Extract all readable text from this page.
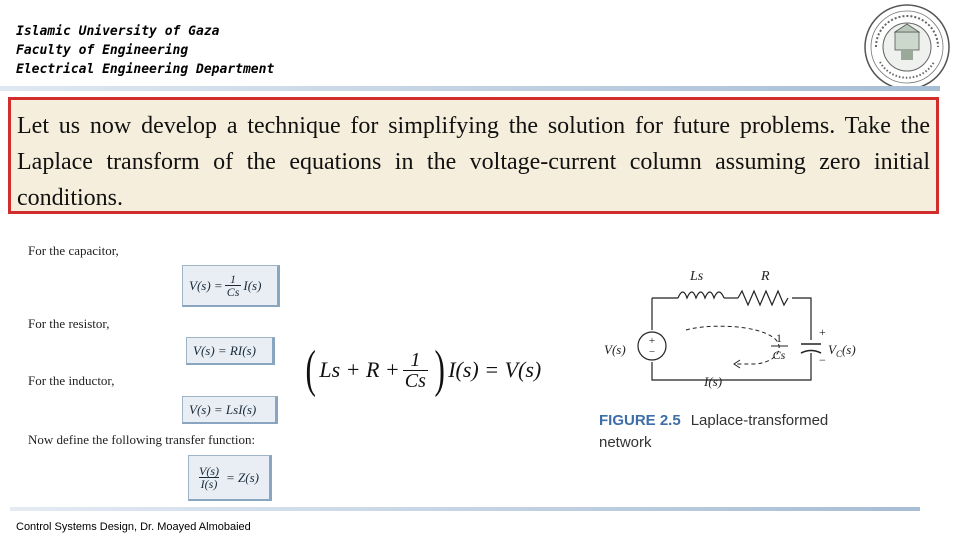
Islamic University of Gaza
Faculty of Engineering
Electrical Engineering Department

Let us now develop a technique for simplifying the solution for future problems. Take the Laplace transform of the equations in the voltage-current column assuming zero initial conditions.

For the capacitor,
$V(s) = \frac{1}{Cs} I(s)$
For the resistor,
V(s) = RI(s)
For the inductor,
V(s) = LsI(s)
Now define the following transfer function:
$\frac{V(s)}{I(s)} = Z(s)$
( $Ls + R + \frac{1}{Cs}$ ) I(s) = V(s)
+
−
Ls	R
V(s)
1
Cs
+
−
$V_C(s)$
I(s)
FIGURE 2.5 Laplace-transformed
network
Control Systems Design, Dr. Moayed Almobaied
